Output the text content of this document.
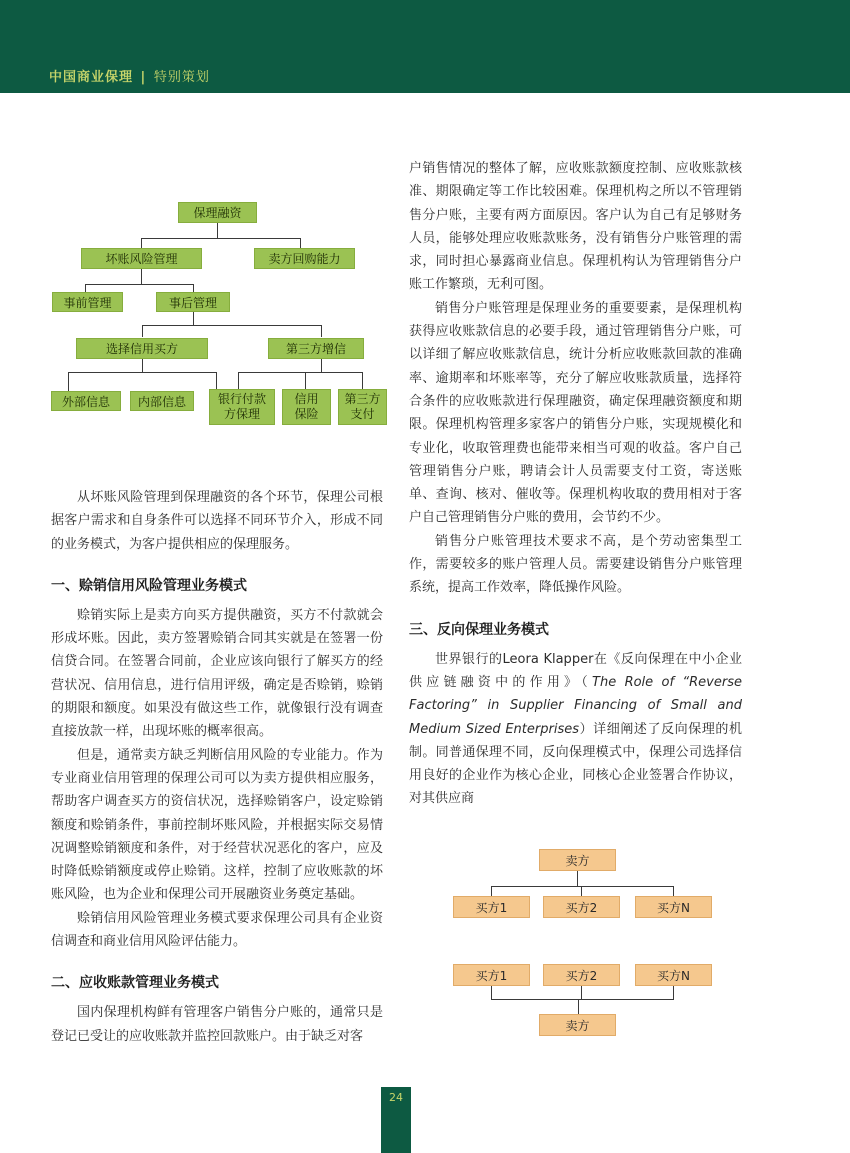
中国商业保理 | 特别策划
保理融资
坏账风险管理	卖方回购能力
事前管理	事后管理
选择信用买方	第三方增信
外部信息	内部信息	银行付款
方保理
信用
保险
第三方
支付

从坏账风险管理到保理融资的各个环节，保理公司根据客户需求和自身条件可以选择不同环节介入，形成不同的业务模式，为客户提供相应的保理服务。

一、赊销信用风险管理业务模式

赊销实际上是卖方向买方提供融资，买方不付款就会形成坏账。因此，卖方签署赊销合同其实就是在签署一份信贷合同。在签署合同前，企业应该向银行了解买方的经营状况、信用信息，进行信用评级，确定是否赊销，赊销的期限和额度。如果没有做这些工作，就像银行没有调查直接放款一样，出现坏账的概率很高。

但是，通常卖方缺乏判断信用风险的专业能力。作为专业商业信用管理的保理公司可以为卖方提供相应服务，帮助客户调查买方的资信状况，选择赊销客户，设定赊销额度和赊销条件，事前控制坏账风险，并根据实际交易情况调整赊销额度和条件，对于经营状况恶化的客户，应及时降低赊销额度或停止赊销。这样，控制了应收账款的坏账风险，也为企业和保理公司开展融资业务奠定基础。

赊销信用风险管理业务模式要求保理公司具有企业资信调查和商业信用风险评估能力。

二、应收账款管理业务模式

国内保理机构鲜有管理客户销售分户账的，通常只是登记已受让的应收账款并监控回款账户。由于缺乏对客

户销售情况的整体了解，应收账款额度控制、应收账款核准、期限确定等工作比较困难。保理机构之所以不管理销售分户账，主要有两方面原因。客户认为自己有足够财务人员，能够处理应收账款账务，没有销售分户账管理的需求，同时担心暴露商业信息。保理机构认为管理销售分户账工作繁琐，无利可图。

销售分户账管理是保理业务的重要要素，是保理机构获得应收账款信息的必要手段，通过管理销售分户账，可以详细了解应收账款信息，统计分析应收账款回款的准确率、逾期率和坏账率等，充分了解应收账款质量，选择符合条件的应收账款进行保理融资，确定保理融资额度和期限。保理机构管理多家客户的销售分户账，实现规模化和专业化，收取管理费也能带来相当可观的收益。客户自己管理销售分户账，聘请会计人员需要支付工资，寄送账单、查询、核对、催收等。保理机构收取的费用相对于客户自己管理销售分户账的费用，会节约不少。

销售分户账管理技术要求不高，是个劳动密集型工作，需要较多的账户管理人员。需要建设销售分户账管理系统，提高工作效率，降低操作风险。

三、反向保理业务模式

世界银行的Leora Klapper在《反向保理在中小企业供应链融资中的作用》（The Role of “Reverse Factoring” in Supplier Financing of Small and Medium Sized Enterprises）详细阐述了反向保理的机制。同普通保理不同，反向保理模式中，保理公司选择信用良好的企业作为核心企业，同核心企业签署合作协议，对其供应商

卖方
买方1	买方2	买方N
买方1	买方2	买方N
卖方
24
